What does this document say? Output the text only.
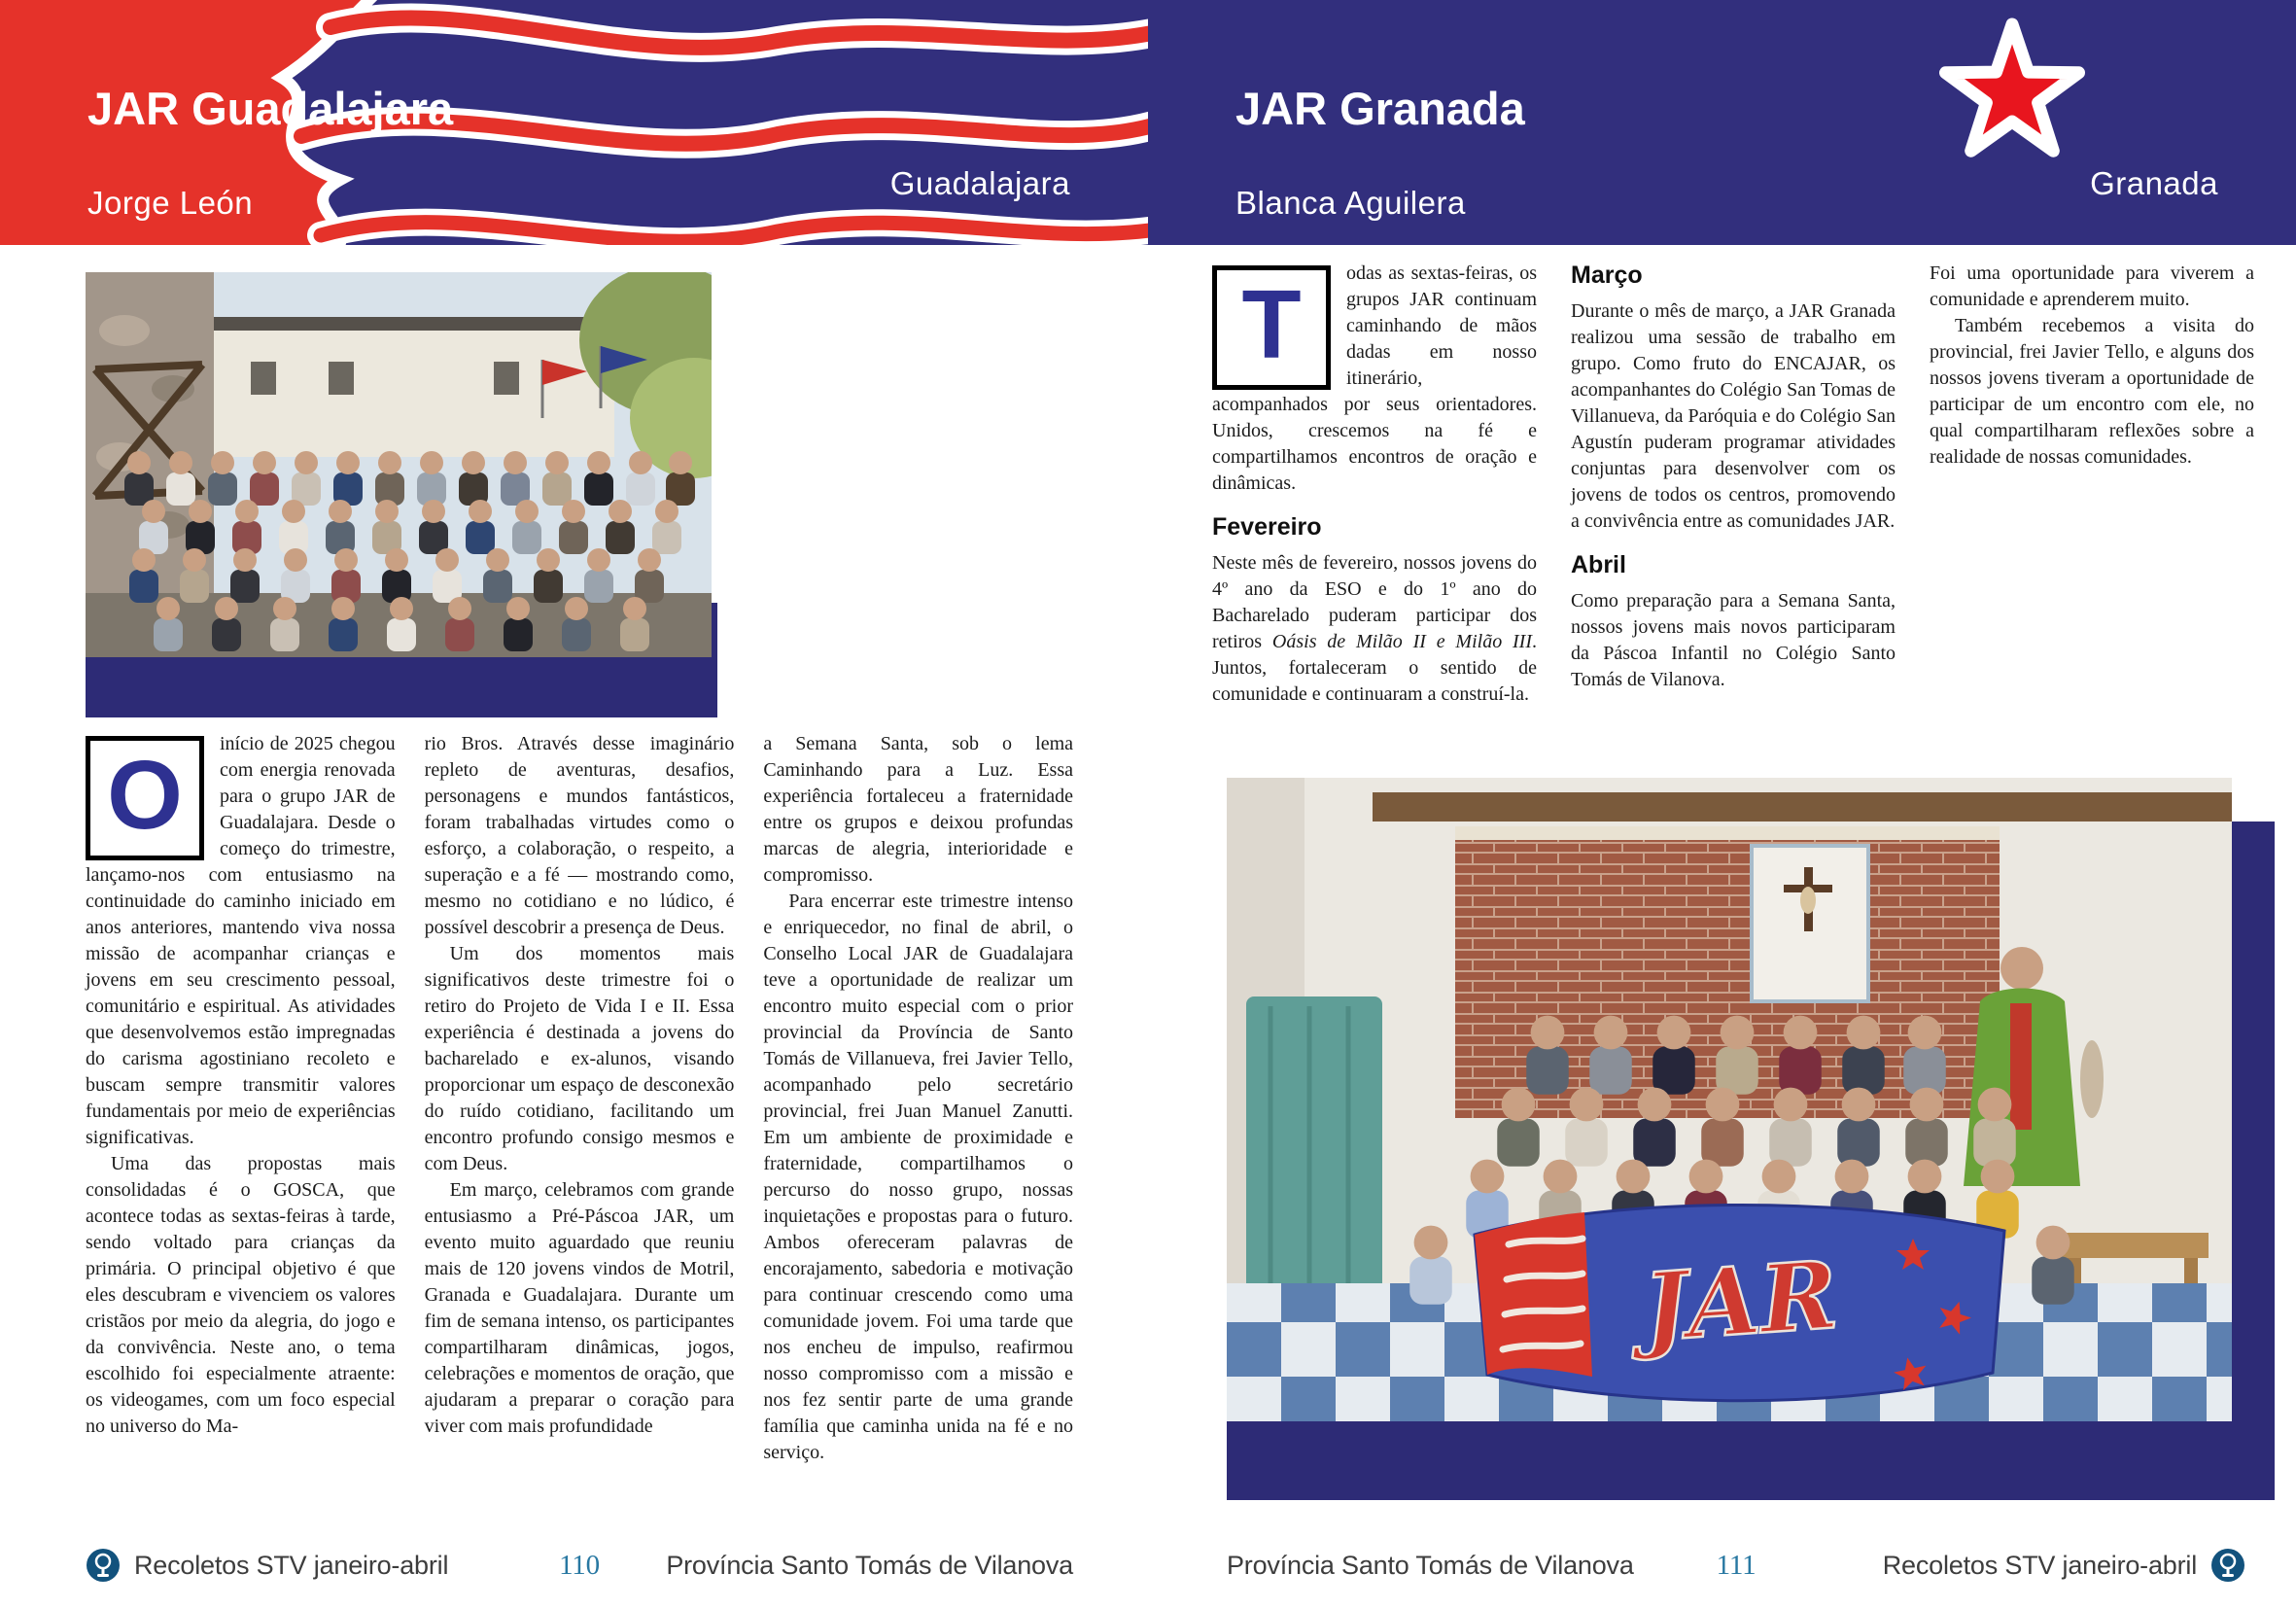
JAR Guadalajara
Jorge León
Guadalajara

O	início de 2025 chegou com energia renovada para o grupo JAR de Guadalajara. Desde o começo do trimestre, lançamo-nos com entusiasmo na continuidade do caminho iniciado em anos anteriores, mantendo viva nossa missão de acompanhar crianças e jovens em seu crescimento pessoal, comunitário e espiritual. As atividades que desenvolvemos estão impregnadas do carisma agostiniano recoleto e buscam sempre transmitir valores fundamentais por meio de experiências significativas.

Uma das propostas mais consolidadas é o GOSCA, que acontece todas as sextas-feiras à tarde, sendo voltado para crianças da primária. O principal objetivo é que eles descubram e vivenciem os valores cristãos por meio da alegria, do jogo e da convivência. Neste ano, o tema escolhido foi especialmente atraente: os videogames, com um foco especial no universo do Ma-

rio Bros. Através desse imaginário repleto de aventuras, desafios, personagens e mundos fantásticos, foram trabalhadas virtudes como o esforço, a colaboração, o respeito, a superação e a fé — mostrando como, mesmo no cotidiano e no lúdico, é possível descobrir a presença de Deus.

Um dos momentos mais significativos deste trimestre foi o retiro do Projeto de Vida I e II. Essa experiência é destinada a jovens do bacharelado e ex-alunos, visando proporcionar um espaço de desconexão do ruído cotidiano, facilitando um encontro profundo consigo mesmos e com Deus.

Em março, celebramos com grande entusiasmo a Pré-Páscoa JAR, um evento muito aguardado que reuniu mais de 120 jovens vindos de Motril, Granada e Guadalajara. Durante um fim de semana intenso, os participantes compartilharam dinâmicas, jogos, celebrações e momentos de oração, que ajudaram a preparar o coração para viver com mais profundidade

a Semana Santa, sob o lema Caminhando para a Luz. Essa experiência fortaleceu a fraternidade entre os grupos e deixou profundas marcas de alegria, interioridade e compromisso.

Para encerrar este trimestre intenso e enriquecedor, no final de abril, o Conselho Local JAR de Guadalajara teve a oportunidade de realizar um encontro muito especial com o prior provincial da Província de Santo Tomás de Villanueva, frei Javier Tello, acompanhado pelo secretário provincial, frei Juan Manuel Zanutti. Em um ambiente de proximidade e fraternidade, compartilhamos o percurso do nosso grupo, nossas inquietações e propostas para o futuro. Ambos ofereceram palavras de encorajamento, sabedoria e motivação para continuar crescendo como uma comunidade jovem. Foi uma tarde que nos encheu de impulso, reafirmou nosso compromisso com a missão e nos fez sentir parte de uma grande família que caminha unida na fé e no serviço.

Recoletos STV janeiro-abril	110	Província Santo Tomás de Vilanova
JAR Granada
Blanca Aguilera
Granada

T	odas as sextas-feiras, os grupos JAR continuam caminhando de mãos dadas em nosso itinerário, acompanhados por seus orientadores. Unidos, crescemos na fé e compartilhamos encontros de oração e dinâmicas.

Fevereiro

Neste mês de fevereiro, nossos jovens do 4º ano da ESO e do 1º ano do Bacharelado puderam participar dos retiros Oásis de Milão II e Milão III. Juntos, fortaleceram o sentido de comunidade e continuaram a construí-la.

Março

Durante o mês de março, a JAR Granada realizou uma sessão de trabalho em grupo. Como fruto do ENCAJAR, os acompanhantes do Colégio San Tomas de Villanueva, da Paróquia e do Colégio San Agustín puderam programar atividades conjuntas para desenvolver com os jovens de todos os centros, promovendo a convivência entre as comunidades JAR.

Abril

Como preparação para a Semana Santa, nossos jovens mais novos participaram da Páscoa Infantil no Colégio Santo Tomás de Vilanova.

Foi uma oportunidade para viverem a comunidade e aprenderem muito.

Também recebemos a visita do provincial, frei Javier Tello, e alguns dos nossos jovens tiveram a oportunidade de participar de um encontro com ele, no qual compartilharam reflexões sobre a realidade de nossas comunidades.

JAR
Província Santo Tomás de Vilanova	111	Recoletos STV janeiro-abril
